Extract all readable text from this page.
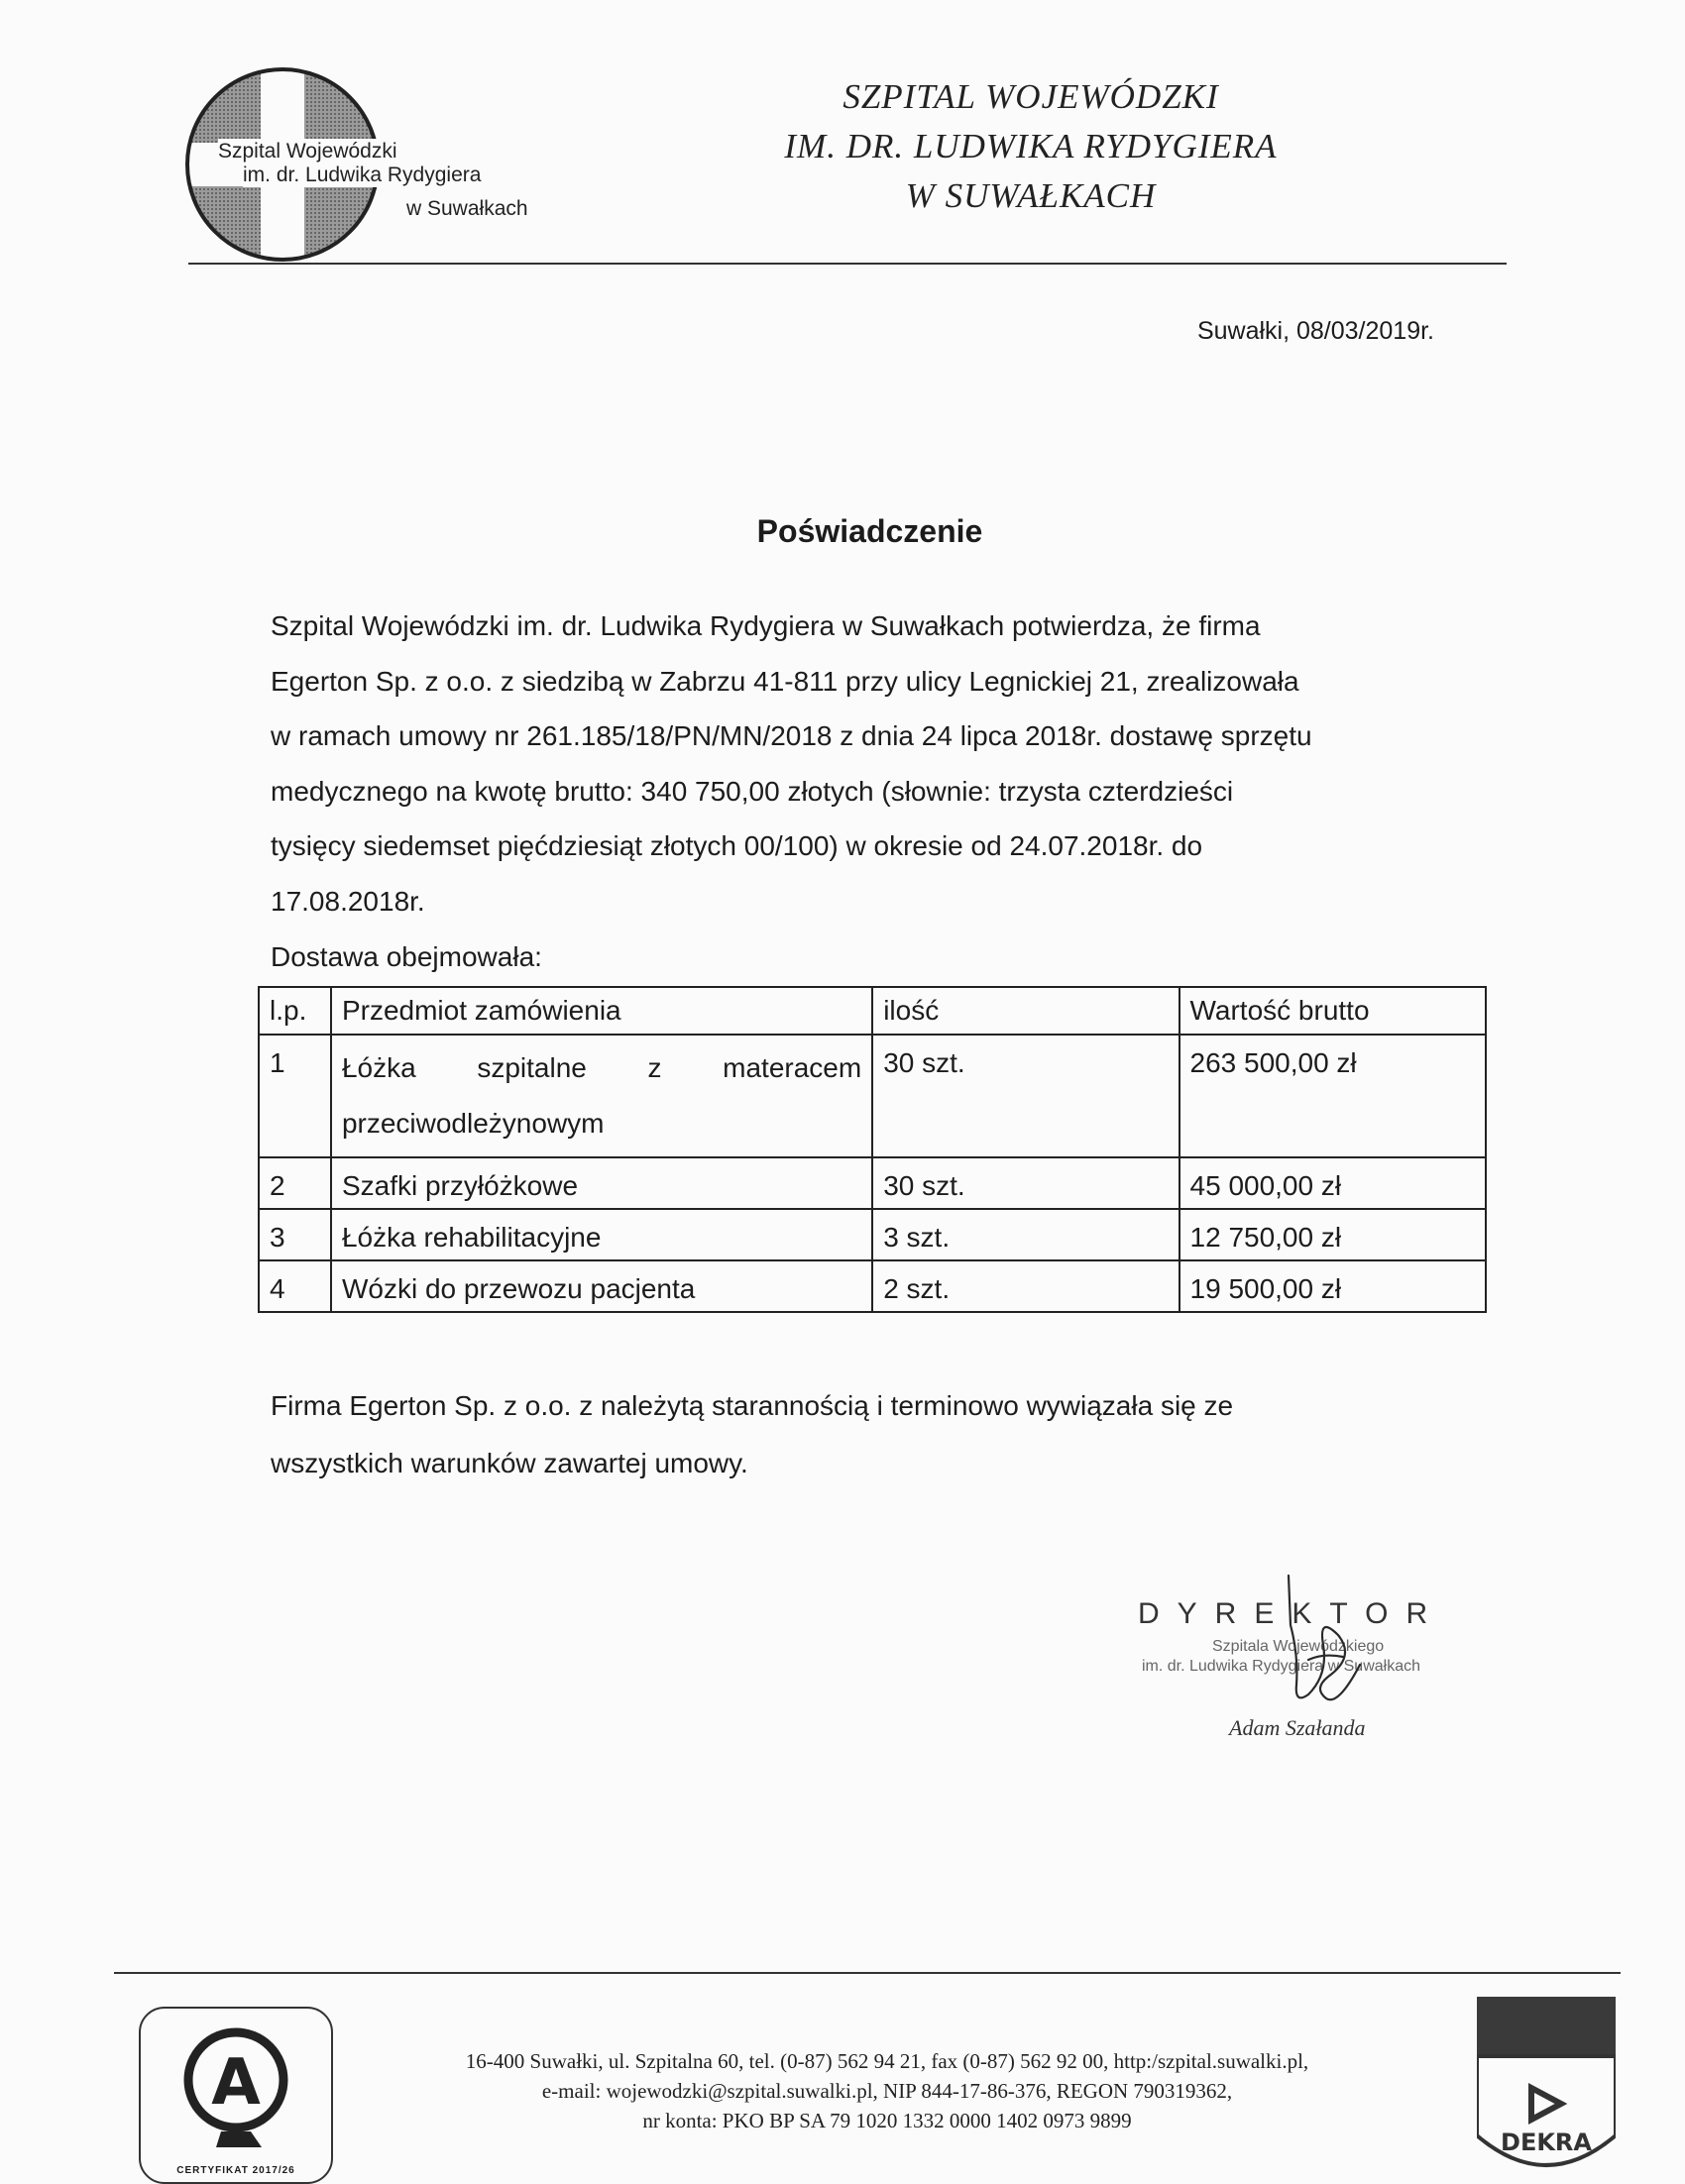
Szpital Wojewódzki
im. dr. Ludwika Rydygiera
w Suwałkach
SZPITAL WOJEWÓDZKI
IM. DR. LUDWIKA RYDYGIERA
W SUWAŁKACH
Suwałki, 08/03/2019r.
Poświadczenie
Szpital Wojewódzki im. dr. Ludwika Rydygiera w Suwałkach potwierdza, że firma
Egerton Sp. z o.o. z siedzibą w Zabrzu 41-811 przy ulicy Legnickiej 21, zrealizowała
w ramach umowy nr 261.185/18/PN/MN/2018 z dnia 24 lipca 2018r. dostawę sprzętu
medycznego na kwotę brutto: 340 750,00 złotych (słownie: trzysta czterdzieści
tysięcy siedemset pięćdziesiąt złotych 00/100) w okresie od 24.07.2018r. do
17.08.2018r.
Dostawa obejmowała:
l.p.	Przedmiot zamówienia	ilość	Wartość brutto
1	Łóżka szpitalne z materacem przeciwodleżynowym	30 szt.	263 500,00 zł
2	Szafki przyłóżkowe	30 szt.	45 000,00 zł
3	Łóżka rehabilitacyjne	3 szt.	12 750,00 zł
4	Wózki do przewozu pacjenta	2 szt.	19 500,00 zł
Firma Egerton Sp. z o.o. z należytą starannością i terminowo wywiązała się ze
wszystkich warunków zawartej umowy.
DYREKTOR
Szpitala Wojewódzkiego
im. dr. Ludwika Rydygiera w Suwałkach
Adam Szałanda
A
CERTYFIKAT 2017/26
16-400 Suwałki, ul. Szpitalna 60, tel. (0-87) 562 94 21, fax (0-87) 562 92 00, http:/szpital.suwalki.pl,
e-mail: wojewodzki@szpital.suwalki.pl, NIP 844-17-86-376, REGON 790319362,
nr konta: PKO BP SA 79 1020 1332 0000 1402 0973 9899
DEKRA
